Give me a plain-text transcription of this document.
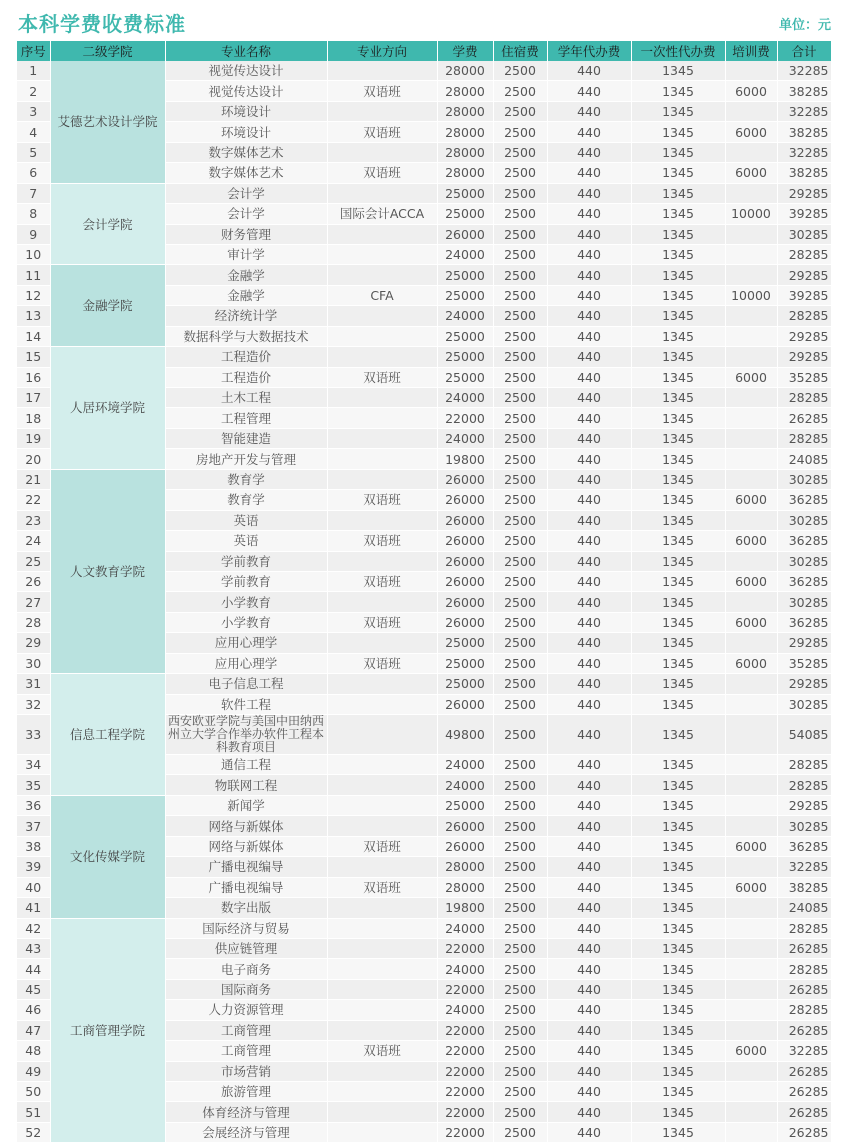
本科学费收费标准	单位：元
序号	二级学院	专业名称	专业方向	学费	住宿费	学年代办费	一次性代办费	培训费	合计
1	艾德艺术设计学院	视觉传达设计		28000	2500	440	1345		32285
2		视觉传达设计	双语班	28000	2500	440	1345	6000	38285
3		环境设计		28000	2500	440	1345		32285
4		环境设计	双语班	28000	2500	440	1345	6000	38285
5		数字媒体艺术		28000	2500	440	1345		32285
6		数字媒体艺术	双语班	28000	2500	440	1345	6000	38285
7	会计学院	会计学		25000	2500	440	1345		29285
8		会计学	国际会计ACCA	25000	2500	440	1345	10000	39285
9		财务管理		26000	2500	440	1345		30285
10		审计学		24000	2500	440	1345		28285
11	金融学院	金融学		25000	2500	440	1345		29285
12		金融学	CFA	25000	2500	440	1345	10000	39285
13		经济统计学		24000	2500	440	1345		28285
14		数据科学与大数据技术		25000	2500	440	1345		29285
15	人居环境学院	工程造价		25000	2500	440	1345		29285
16		工程造价	双语班	25000	2500	440	1345	6000	35285
17		土木工程		24000	2500	440	1345		28285
18		工程管理		22000	2500	440	1345		26285
19		智能建造		24000	2500	440	1345		28285
20		房地产开发与管理		19800	2500	440	1345		24085
21	人文教育学院	教育学		26000	2500	440	1345		30285
22		教育学	双语班	26000	2500	440	1345	6000	36285
23		英语		26000	2500	440	1345		30285
24		英语	双语班	26000	2500	440	1345	6000	36285
25		学前教育		26000	2500	440	1345		30285
26		学前教育	双语班	26000	2500	440	1345	6000	36285
27		小学教育		26000	2500	440	1345		30285
28		小学教育	双语班	26000	2500	440	1345	6000	36285
29		应用心理学		25000	2500	440	1345		29285
30		应用心理学	双语班	25000	2500	440	1345	6000	35285
31	信息工程学院	电子信息工程		25000	2500	440	1345		29285
32		软件工程		26000	2500	440	1345		30285
33		西安欧亚学院与美国中田纳西州立大学合作举办软件工程本科教育项目		49800	2500	440	1345		54085
34		通信工程		24000	2500	440	1345		28285
35		物联网工程		24000	2500	440	1345		28285
36	文化传媒学院	新闻学		25000	2500	440	1345		29285
37		网络与新媒体		26000	2500	440	1345		30285
38		网络与新媒体	双语班	26000	2500	440	1345	6000	36285
39		广播电视编导		28000	2500	440	1345		32285
40		广播电视编导	双语班	28000	2500	440	1345	6000	38285
41		数字出版		19800	2500	440	1345		24085
42	工商管理学院	国际经济与贸易		24000	2500	440	1345		28285
43		供应链管理		22000	2500	440	1345		26285
44		电子商务		24000	2500	440	1345		28285
45		国际商务		22000	2500	440	1345		26285
46		人力资源管理		24000	2500	440	1345		28285
47		工商管理		22000	2500	440	1345		26285
48		工商管理	双语班	22000	2500	440	1345	6000	32285
49		市场营销		22000	2500	440	1345		26285
50		旅游管理		22000	2500	440	1345		26285
51		体育经济与管理		22000	2500	440	1345		26285
52		会展经济与管理		22000	2500	440	1345		26285
